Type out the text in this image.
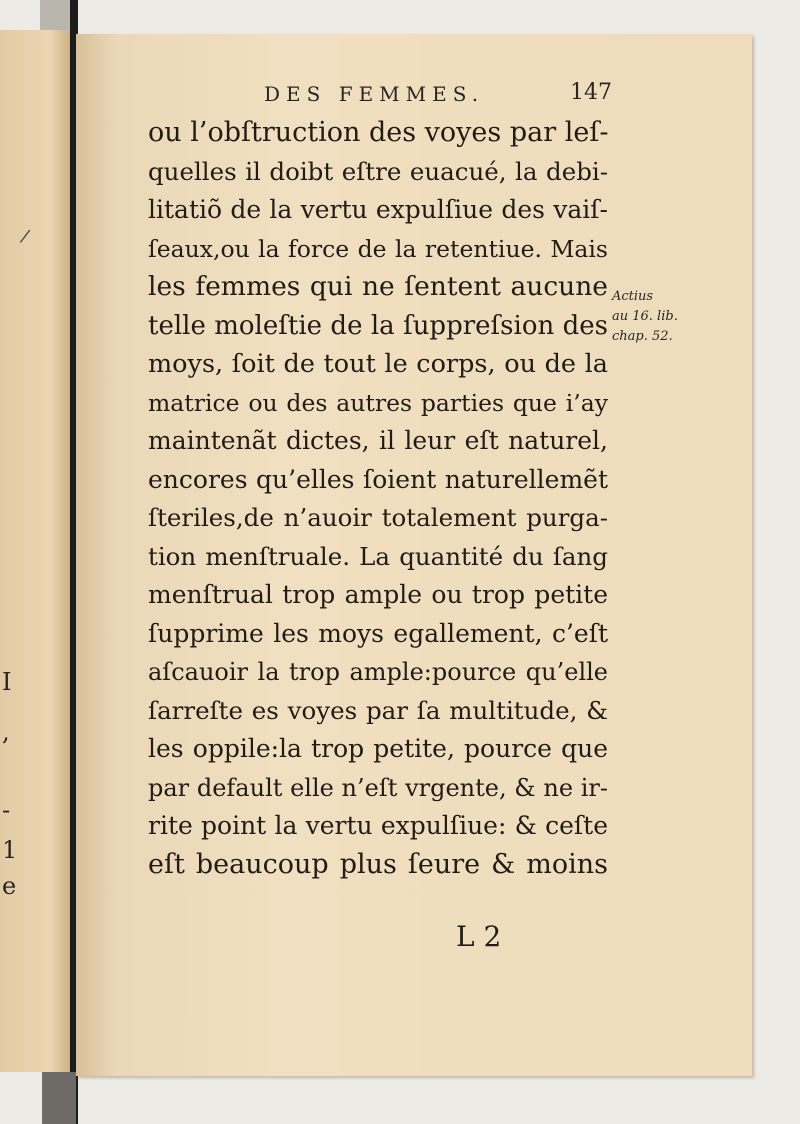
I
,
-
1
e
/
DES FEMMES.	147
ou l’obſtruction des voyes par leſ-
quelles il doibt eſtre euacué, la debi-
litatiõ de la vertu expulſiue des vaiſ-
ſeaux,ou la force de la retentiue. Mais
les femmes qui ne ſentent aucune
telle moleſtie de la ſuppreſsion des
moys, ſoit de tout le corps, ou de la
matrice ou des autres parties que i’ay
maintenãt dictes, il leur eſt naturel,
encores qu’elles ſoient naturellemẽt
ſteriles,de n’auoir totalement purga-
tion menſtruale. La quantité du ſang
menſtrual trop ample ou trop petite
ſupprime les moys egallement, c’eſt
aſcauoir la trop ample:pource qu’elle
ſarreſte es voyes par ſa multitude, &
les oppile:la trop petite, pource que
par default elle n’eſt vrgente, & ne ir-
rite point la vertu expulſiue: & ceſte
eſt beaucoup plus ſeure & moins
Actius
au 16. lib.
chap. 52.
L 2
